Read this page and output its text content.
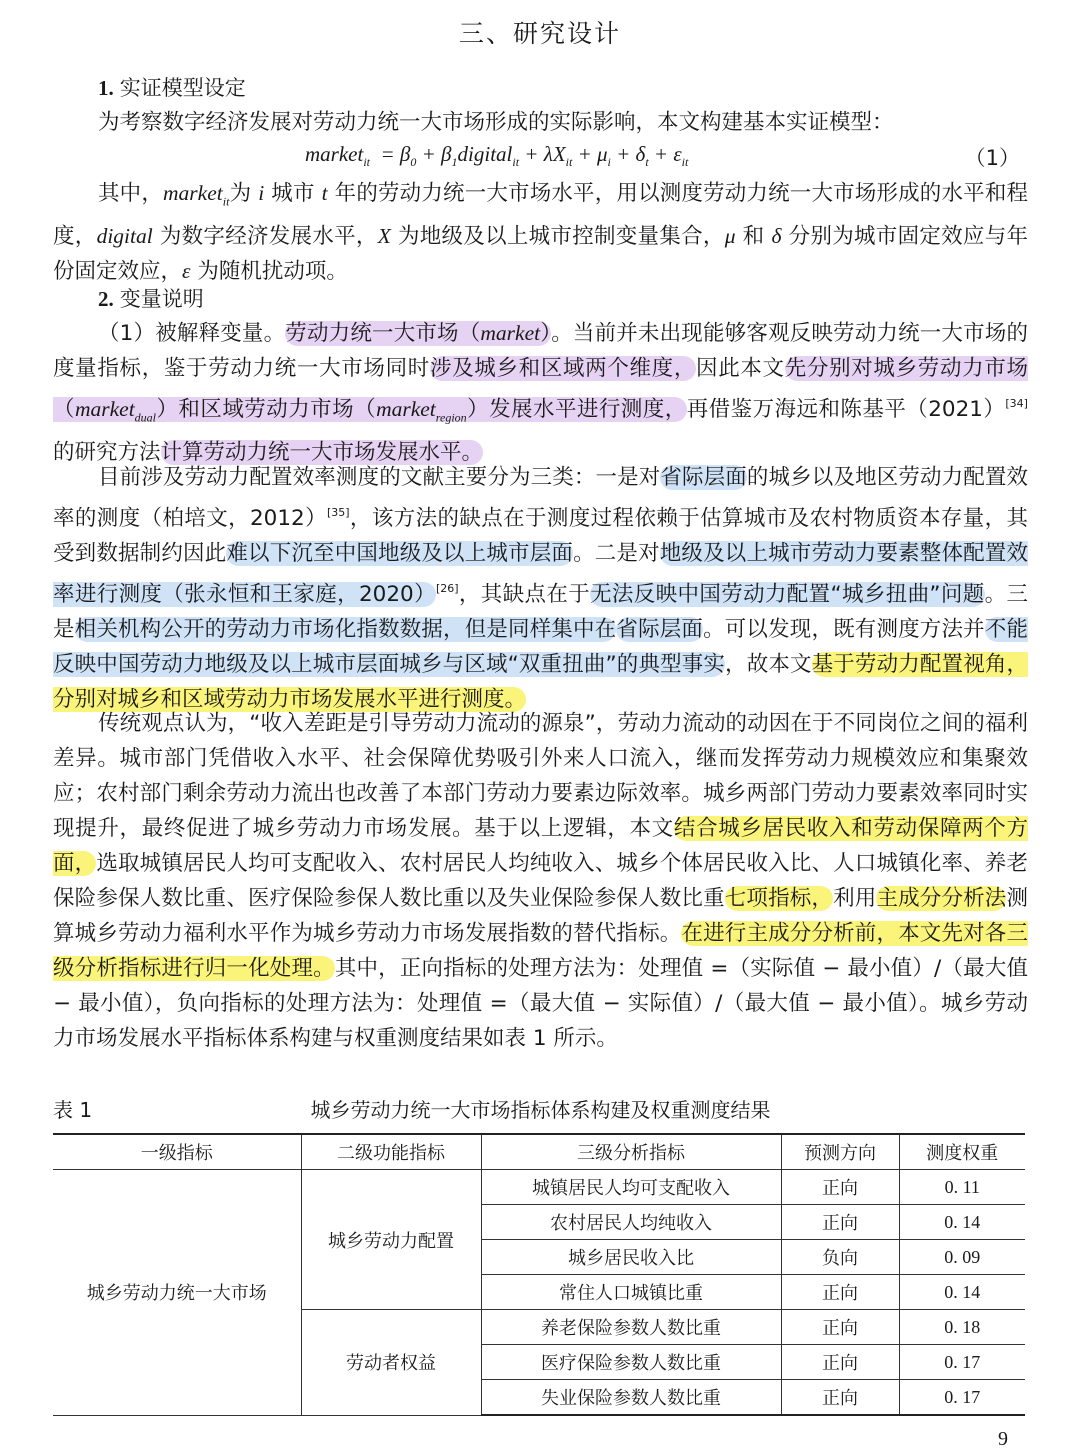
三、研究设计
1. 实证模型设定
为考察数字经济发展对劳动力统一大市场形成的实际影响，本文构建基本实证模型：
market$_{it}$  = $\beta_0$ + $\beta_1digital_{it} + \lambda X_{it} + \mu_i + \delta_t + \varepsilon_{it}$	（1）
其中，market$_{it}$为 i 城市 t 年的劳动力统一大市场水平，用以测度劳动力统一大市场形成的水平和程度，digital 为数字经济发展水平，X 为地级及以上城市控制变量集合，μ 和 δ 分别为城市固定效应与年份固定效应，ε 为随机扰动项。
2. 变量说明
（1）被解释变量。劳动力统一大市场（market）。当前并未出现能够客观反映劳动力统一大市场的度量指标，鉴于劳动力统一大市场同时涉及城乡和区域两个维度，因此本文先分别对城乡劳动力市场（market$_{dual}$）和区域劳动力市场（market$_{region}$）发展水平进行测度，再借鉴万海远和陈基平（2021）[34]的研究方法计算劳动力统一大市场发展水平。
目前涉及劳动力配置效率测度的文献主要分为三类：一是对省际层面的城乡以及地区劳动力配置效率的测度（柏培文，2012）[35]，该方法的缺点在于测度过程依赖于估算城市及农村物质资本存量，其受到数据制约因此难以下沉至中国地级及以上城市层面。二是对地级及以上城市劳动力要素整体配置效率进行测度（张永恒和王家庭，2020）[26]，其缺点在于无法反映中国劳动力配置“城乡扭曲”问题。三是相关机构公开的劳动力市场化指数数据，但是同样集中在省际层面。可以发现，既有测度方法并不能反映中国劳动力地级及以上城市层面城乡与区域“双重扭曲”的典型事实，故本文基于劳动力配置视角，分别对城乡和区域劳动力市场发展水平进行测度。
传统观点认为，“收入差距是引导劳动力流动的源泉”，劳动力流动的动因在于不同岗位之间的福利差异。城市部门凭借收入水平、社会保障优势吸引外来人口流入，继而发挥劳动力规模效应和集聚效应；农村部门剩余劳动力流出也改善了本部门劳动力要素边际效率。城乡两部门劳动力要素效率同时实现提升，最终促进了城乡劳动力市场发展。基于以上逻辑，本文结合城乡居民收入和劳动保障两个方面，选取城镇居民人均可支配收入、农村居民人均纯收入、城乡个体居民收入比、人口城镇化率、养老保险参保人数比重、医疗保险参保人数比重以及失业保险参保人数比重七项指标，利用主成分分析法测算城乡劳动力福利水平作为城乡劳动力市场发展指数的替代指标。在进行主成分分析前，本文先对各三级分析指标进行归一化处理。其中，正向指标的处理方法为：处理值 =（实际值 − 最小值）/（最大值 − 最小值），负向指标的处理方法为：处理值 =（最大值 − 实际值）/（最大值 − 最小值）。城乡劳动力市场发展水平指标体系构建与权重测度结果如表 1 所示。
表 1	城乡劳动力统一大市场指标体系构建及权重测度结果
一级指标	二级功能指标	三级分析指标	预测方向	测度权重
城乡劳动力统一大市场	城乡劳动力配置	城镇居民人均可支配收入	正向	0. 11
		农村居民人均纯收入	正向	0. 14
		城乡居民收入比	负向	0. 09
		常住人口城镇比重	正向	0. 14
	劳动者权益	养老保险参数人数比重	正向	0. 18
		医疗保险参数人数比重	正向	0. 17
		失业保险参数人数比重	正向	0. 17
9
